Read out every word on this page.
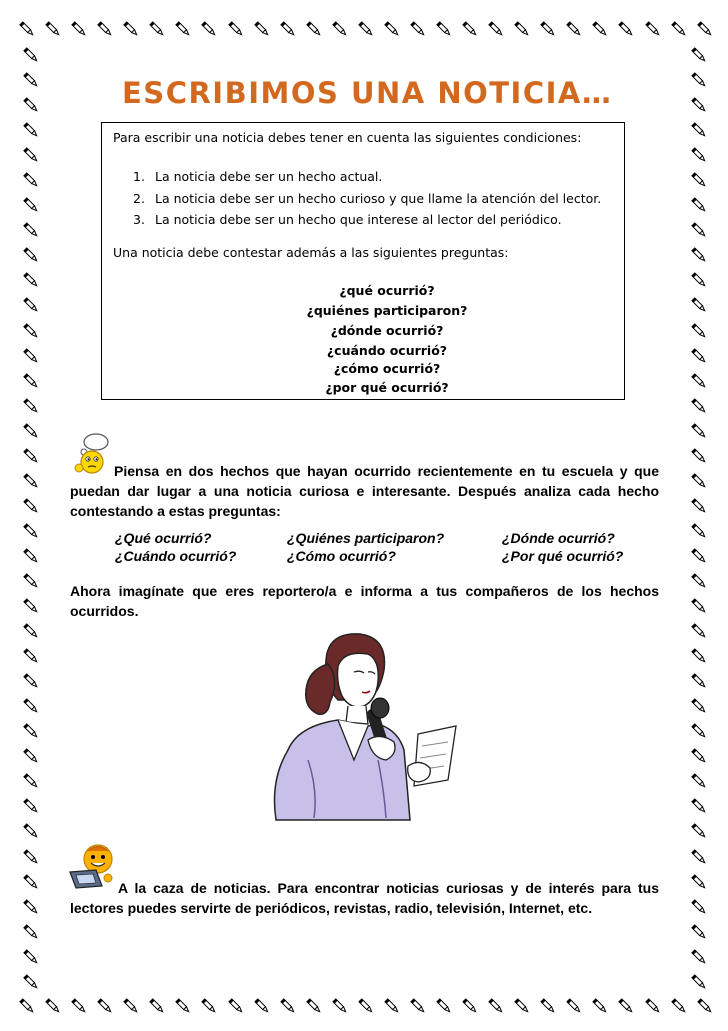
ESCRIBIMOS UNA NOTICIA…
Para escribir una noticia debes tener en cuenta las siguientes condiciones:
1. La noticia debe ser un hecho actual.
2. La noticia debe ser un hecho curioso y que llame la atención del lector.
3. La noticia debe ser un hecho que interese al lector del periódico.
Una noticia debe contestar además a las siguientes preguntas:
¿qué ocurrió?
¿quiénes participaron?
¿dónde ocurrió?
¿cuándo ocurrió?
¿cómo ocurrió?
¿por qué ocurrió?
Piensa en dos hechos que hayan ocurrido recientemente en tu escuela y que puedan dar lugar a una noticia curiosa e interesante. Después analiza cada hecho contestando a estas preguntas:
¿Qué ocurrió?	¿Quiénes participaron?	¿Dónde ocurrió?
¿Cuándo ocurrió?	¿Cómo ocurrió?	¿Por qué ocurrió?
Ahora imagínate que eres reportero/a e informa a tus compañeros de los hechos ocurridos.
A la caza de noticias. Para encontrar noticias curiosas y de interés para tus lectores puedes servirte de periódicos, revistas, radio, televisión, Internet, etc.
